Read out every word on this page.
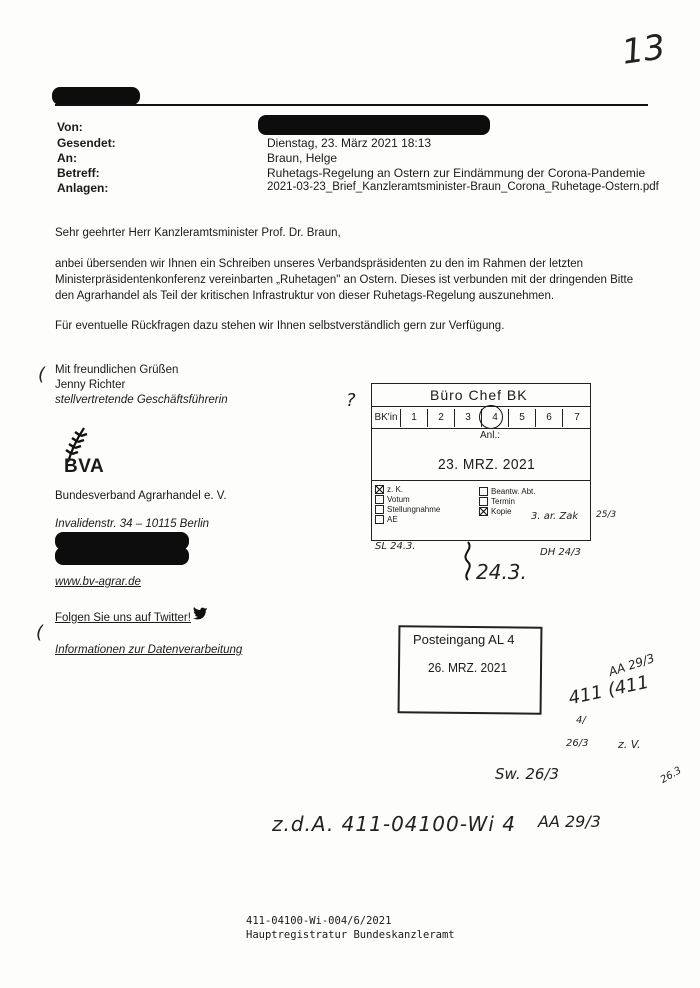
13
Von:
Gesendet:	Dienstag, 23. März 2021 18:13
An:	Braun, Helge
Betreff:	Ruhetags-Regelung an Ostern zur Eindämmung der Corona-Pandemie
Anlagen:	2021-03-23_Brief_Kanzleramtsminister-Braun_Corona_Ruhetage-Ostern.pdf
Sehr geehrter Herr Kanzleramtsminister Prof. Dr. Braun,
anbei übersenden wir Ihnen ein Schreiben unseres Verbandspräsidenten zu den im Rahmen der letzten
Ministerpräsidentenkonferenz vereinbarten „Ruhetagen" an Ostern. Dieses ist verbunden mit der dringenden Bitte
den Agrarhandel als Teil der kritischen Infrastruktur von dieser Ruhetags-Regelung auszunehmen.
Für eventuelle Rückfragen dazu stehen wir Ihnen selbstverständlich gern zur Verfügung.
Mit freundlichen Grüßen
Jenny Richter
stellvertretende Geschäftsführerin
BVA
Bundesverband Agrarhandel e. V.
Invalidenstr. 34 – 10115 Berlin
www.bv-agrar.de
Folgen Sie uns auf Twitter!
Informationen zur Datenverarbeitung
(
(
?	Büro Chef BK
BK'in	1	2	3	4	5	6	7
Anl.:
23. MRZ. 2021
z. K.
Votum
Stellungnahme
AE
Beantw. Abt.
Termin
Kopie	3. ar. Zak 25/3
SL 24.3.
DH 24/3
24.3.
Posteingang AL 4
26. MRZ. 2021
411 (411
AA 29/3
4/
26/3	z. V.
26.3
Sw. 26/3
z.d.A. 411-04100-Wi 4 AA 29/3
411-04100-Wi-004/6/2021
Hauptregistratur Bundeskanzleramt
